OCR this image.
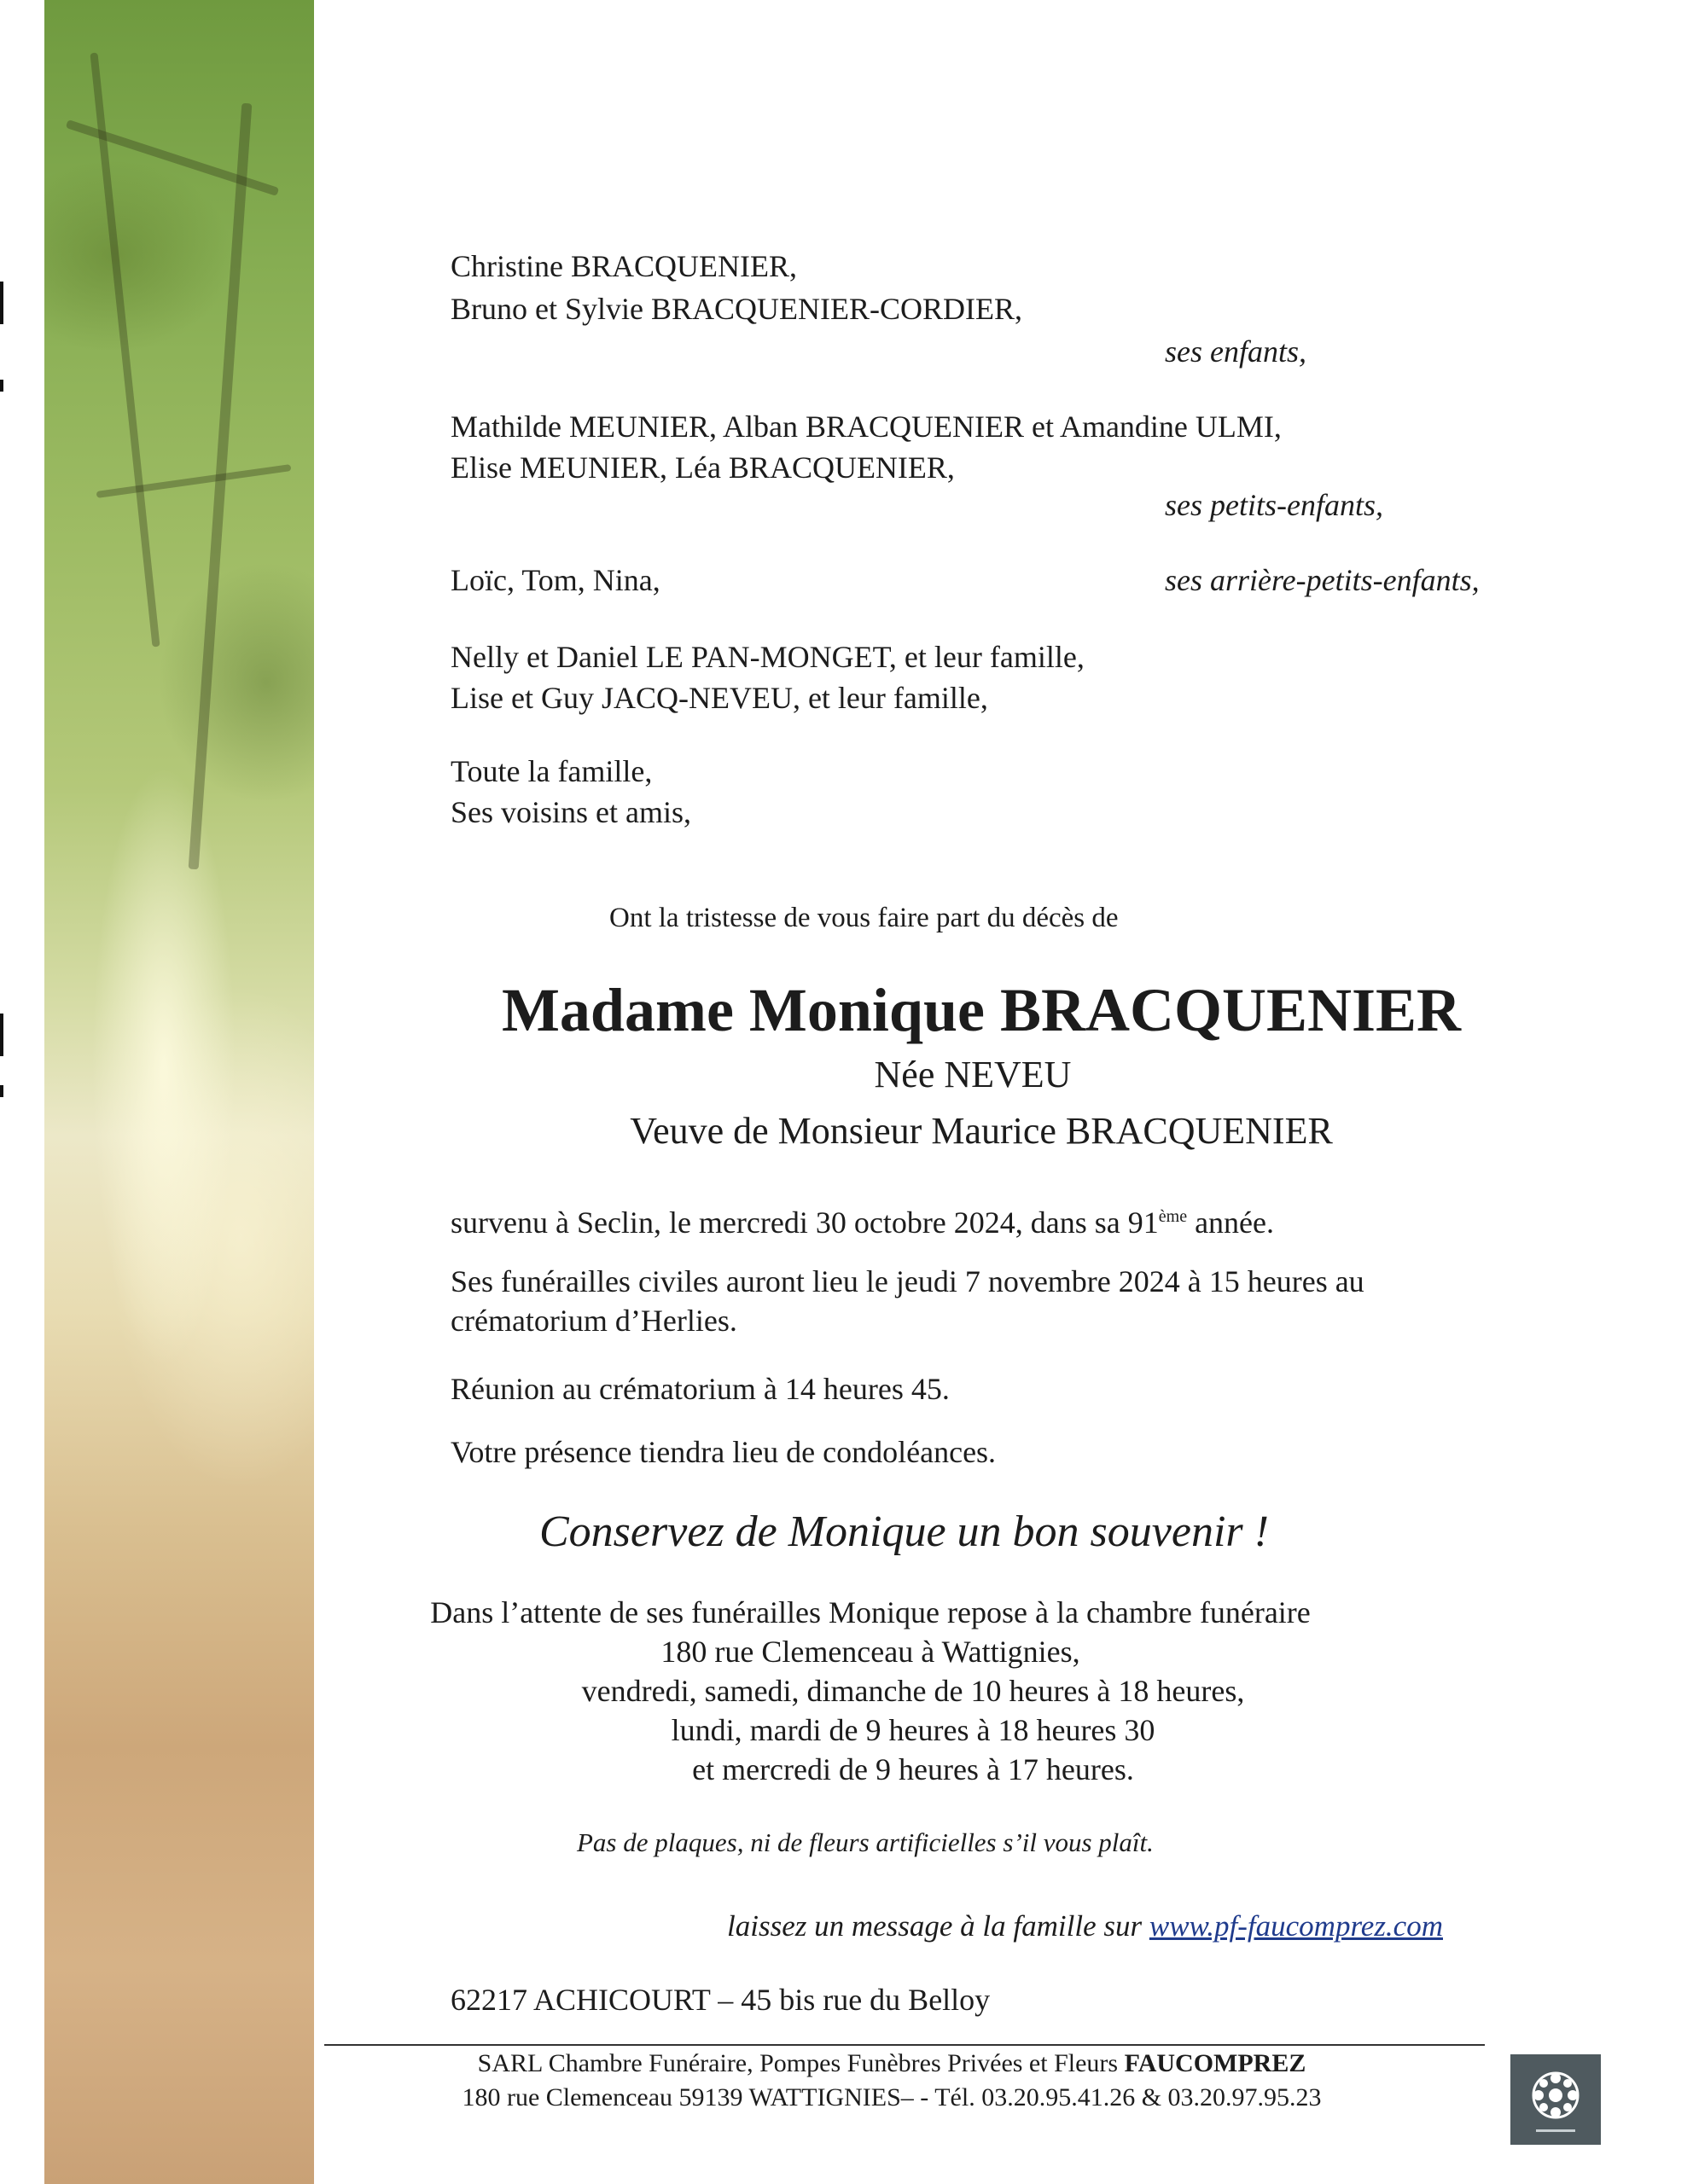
Christine BRACQUENIER,
Bruno et Sylvie BRACQUENIER-CORDIER,
ses enfants,
Mathilde MEUNIER, Alban BRACQUENIER et Amandine ULMI,
Elise MEUNIER, Léa BRACQUENIER,
ses petits-enfants,
Loïc, Tom, Nina,	ses arrière-petits-enfants,
Nelly et Daniel LE PAN-MONGET, et leur famille,
Lise et Guy JACQ-NEVEU, et leur famille,
Toute la famille,
Ses voisins et amis,
Ont la tristesse de vous faire part du décès de
Madame Monique BRACQUENIER
Née NEVEU
Veuve de Monsieur Maurice BRACQUENIER
survenu à Seclin, le mercredi 30 octobre 2024, dans sa 91ème année.
Ses funérailles civiles auront lieu le jeudi 7 novembre 2024 à 15 heures au
crématorium d’Herlies.
Réunion au crématorium à 14 heures 45.
Votre présence tiendra lieu de condoléances.
Conservez de Monique un bon souvenir !
Dans l’attente de ses funérailles Monique repose à la chambre funéraire
180 rue Clemenceau à Wattignies,
vendredi, samedi, dimanche de 10 heures à 18 heures,
lundi, mardi de 9 heures à 18 heures 30
et mercredi de 9 heures à 17 heures.
Pas de plaques, ni de fleurs artificielles s’il vous plaît.
laissez un message à la famille sur www.pf-faucomprez.com
62217 ACHICOURT – 45 bis rue du Belloy
SARL Chambre Funéraire, Pompes Funèbres Privées et Fleurs FAUCOMPREZ
180 rue Clemenceau 59139 WATTIGNIES– - Tél. 03.20.95.41.26 & 03.20.97.95.23
